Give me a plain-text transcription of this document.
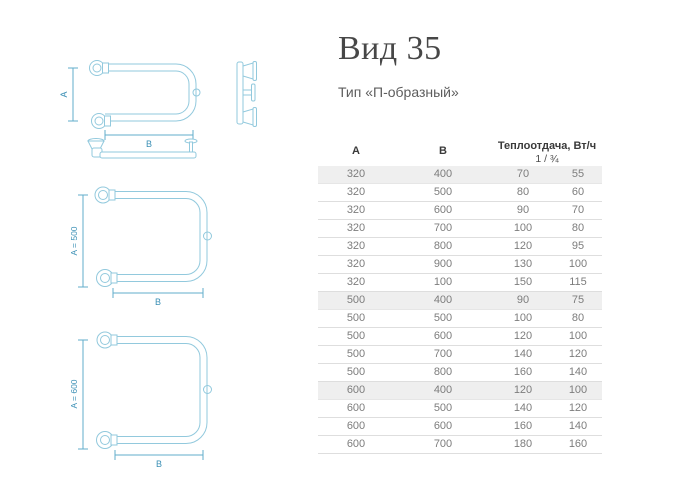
A
B
A = 500
B
A = 600
B
Вид 35
Тип «П-образный»
A	B	Теплоотдача, Вт/ч
1 / ¾
320	400	70	55
320	500	80	60
320	600	90	70
320	700	100	80
320	800	120	95
320	900	130	100
320	100	150	115
500	400	90	75
500	500	100	80
500	600	120	100
500	700	140	120
500	800	160	140
600	400	120	100
600	500	140	120
600	600	160	140
600	700	180	160
